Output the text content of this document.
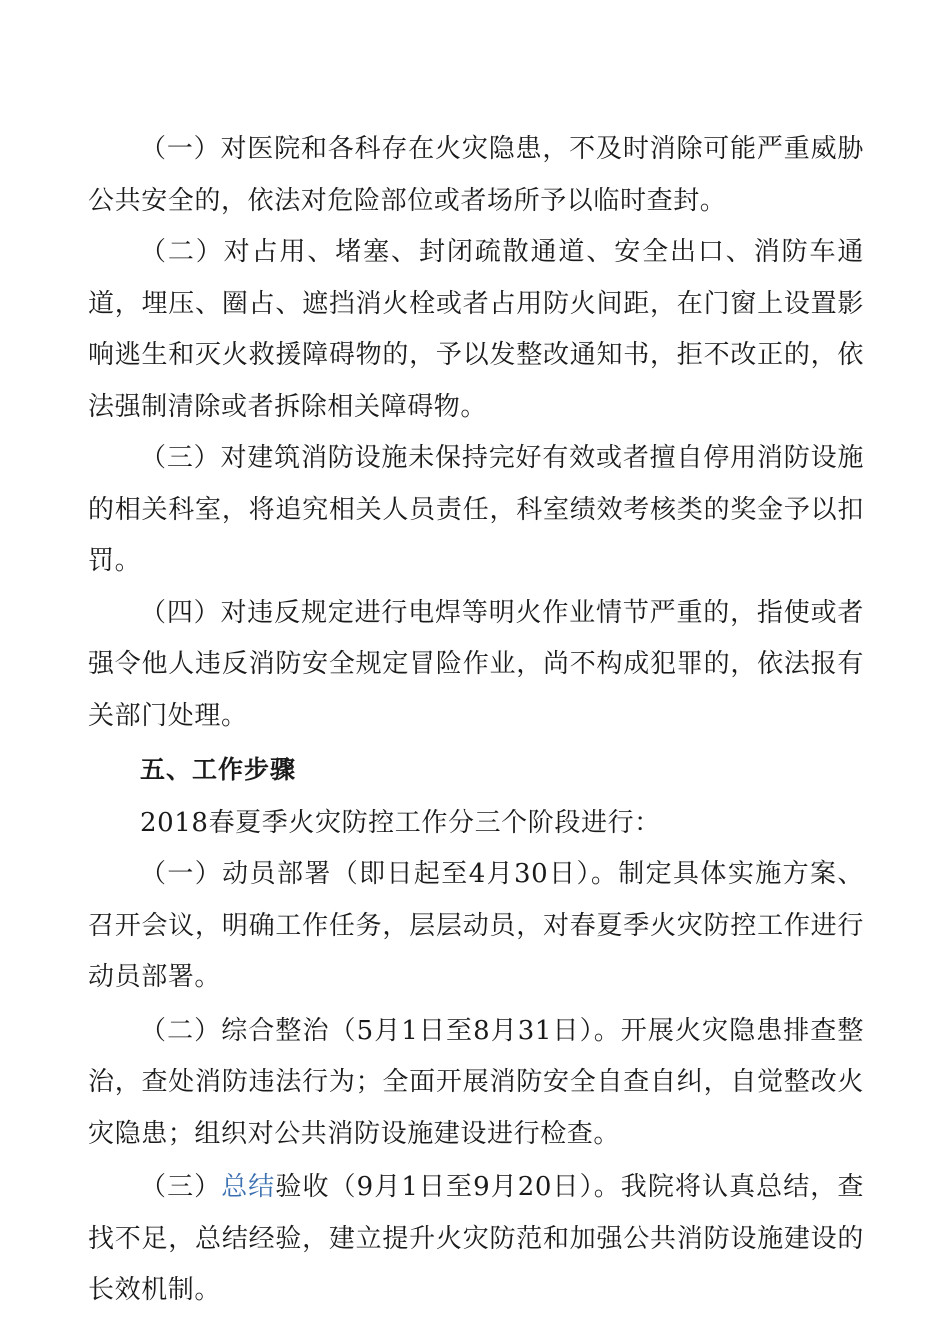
（一）对医院和各科存在火灾隐患，不及时消除可能严重威胁公共安全的，依法对危险部位或者场所予以临时查封。

（二）对占用、堵塞、封闭疏散通道、安全出口、消防车通道，埋压、圈占、遮挡消火栓或者占用防火间距，在门窗上设置影响逃生和灭火救援障碍物的，予以发整改通知书，拒不改正的，依法强制清除或者拆除相关障碍物。

（三）对建筑消防设施未保持完好有效或者擅自停用消防设施的相关科室，将追究相关人员责任，科室绩效考核类的奖金予以扣罚。

（四）对违反规定进行电焊等明火作业情节严重的，指使或者强令他人违反消防安全规定冒险作业，尚不构成犯罪的，依法报有关部门处理。

五、工作步骤

2018春夏季火灾防控工作分三个阶段进行：

（一）动员部署（即日起至4月30日）。制定具体实施方案、召开会议，明确工作任务，层层动员，对春夏季火灾防控工作进行动员部署。

（二）综合整治（5月1日至8月31日）。开展火灾隐患排查整治，查处消防违法行为；全面开展消防安全自查自纠，自觉整改火灾隐患；组织对公共消防设施建设进行检查。

（三）总结验收（9月1日至9月20日）。我院将认真总结，查找不足，总结经验，建立提升火灾防范和加强公共消防设施建设的长效机制。
